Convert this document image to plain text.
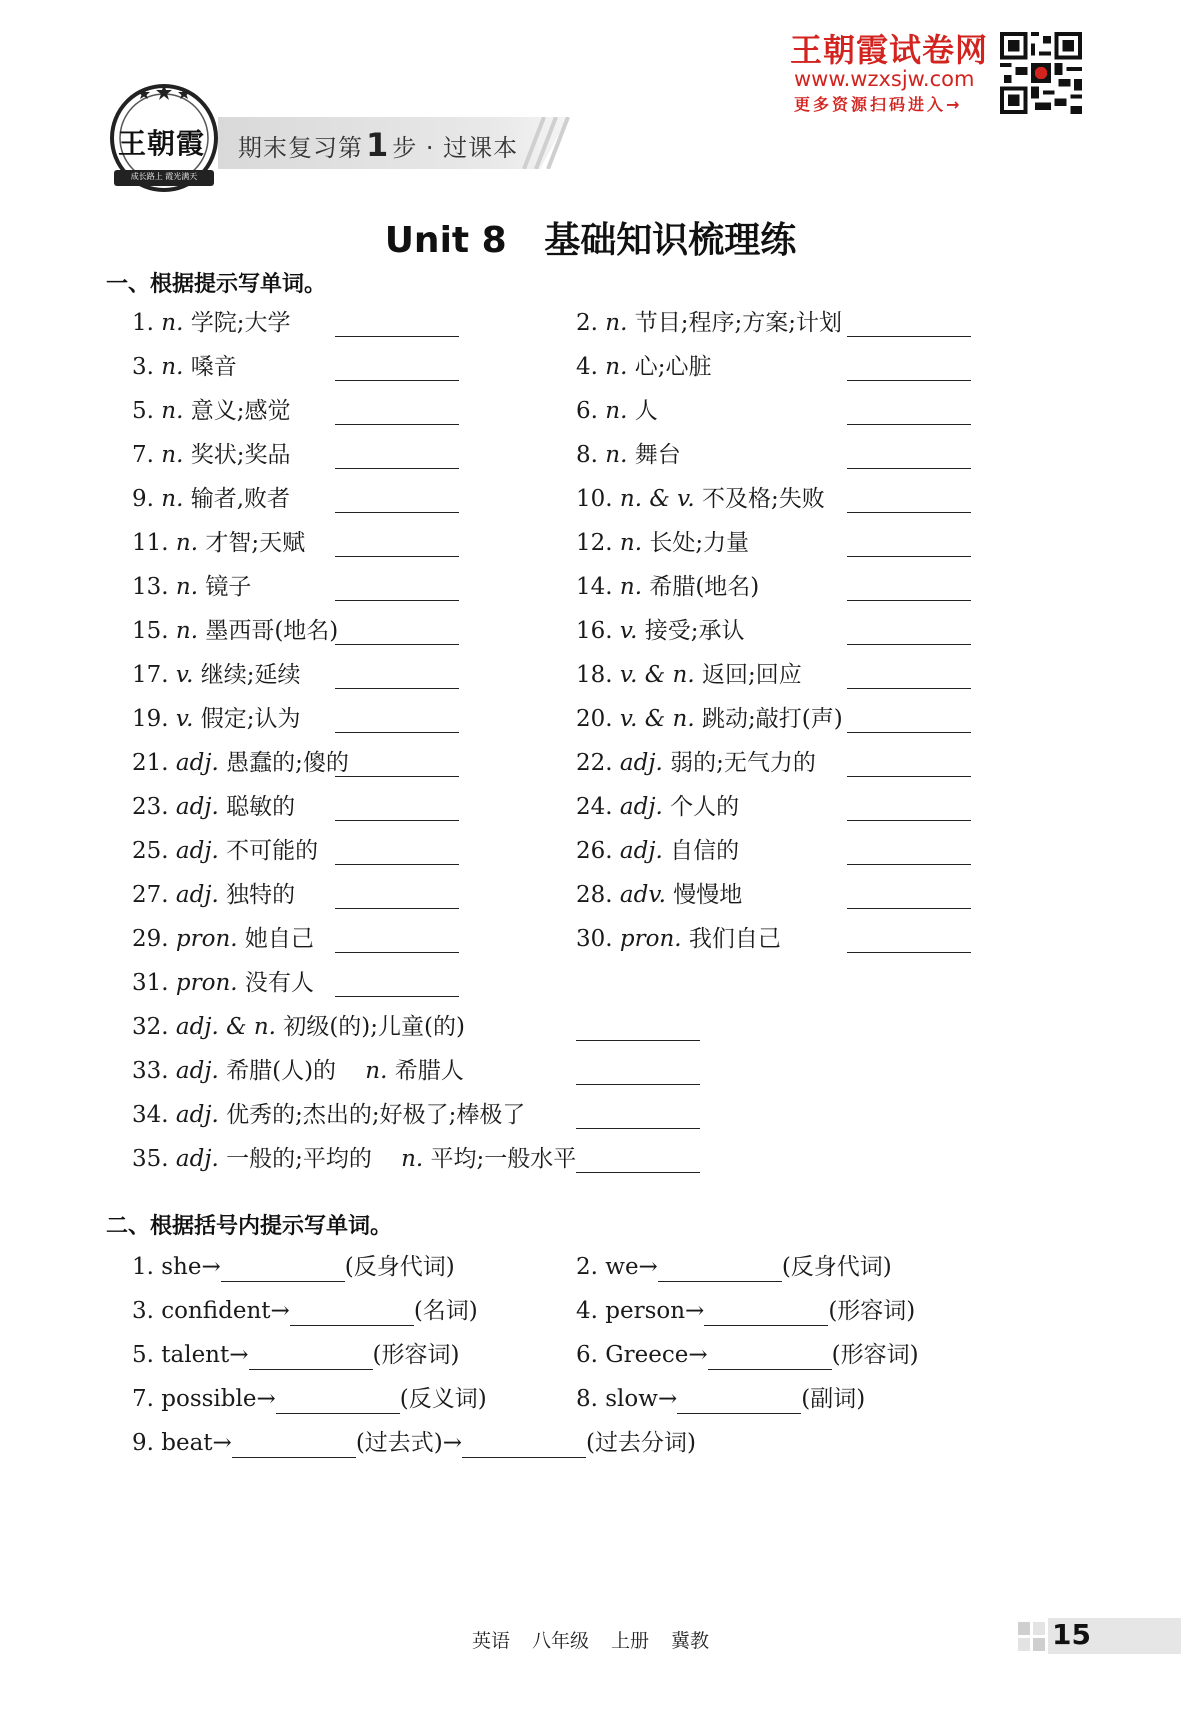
王朝霞
成长路上 霞光满天
期末复习第1 步 · 过课本
王朝霞试卷网
www.wzxsjw.com
更多资源扫码进入→
Unit 8   基础知识梳理练
一、根据提示写单词。
1. n. 学院;大学	2. n. 节目;程序;方案;计划
3. n. 嗓音	4. n. 心;心脏
5. n. 意义;感觉	6. n. 人
7. n. 奖状;奖品	8. n. 舞台
9. n. 输者,败者	10. n. & v. 不及格;失败
11. n. 才智;天赋	12. n. 长处;力量
13. n. 镜子	14. n. 希腊(地名)
15. n. 墨西哥(地名)	16. v. 接受;承认
17. v. 继续;延续	18. v. & n. 返回;回应
19. v. 假定;认为	20. v. & n. 跳动;敲打(声)
21. adj. 愚蠢的;傻的	22. adj. 弱的;无气力的
23. adj. 聪敏的	24. adj. 个人的
25. adj. 不可能的	26. adj. 自信的
27. adj. 独特的	28. adv. 慢慢地
29. pron. 她自己	30. pron. 我们自己
31. pron. 没有人
32. adj. & n. 初级(的);儿童(的)
33. adj. 希腊(人)的 n. 希腊人
34. adj. 优秀的;杰出的;好极了;棒极了
35. adj. 一般的;平均的 n. 平均;一般水平
二、根据括号内提示写单词。
1. she→	(反身代词)	2. we→	(反身代词)
3. confident→	(名词)	4. person→	(形容词)
5. talent→	(形容词)	6. Greece→	(形容词)
7. possible→	(反义词)	8. slow→	(副词)
9. beat→	(过去式)→	(过去分词)
英语 八年级 上册 冀教	15
